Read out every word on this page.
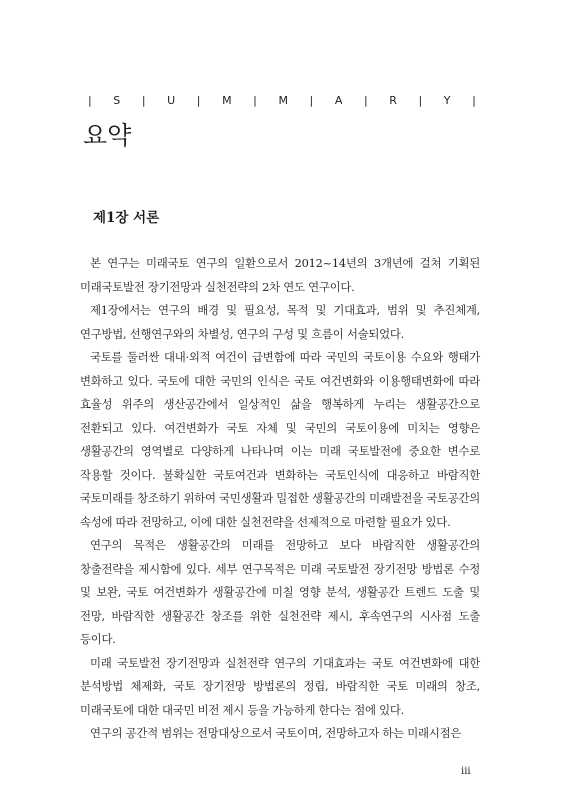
| S | U | M | M | A | R | Y |
요약
제1장 서론

본 연구는 미래국토 연구의 일환으로서 2012~14년의 3개년에 걸쳐 기획된 미래국토발전 장기전망과 실천전략의 2차 연도 연구이다.

제1장에서는 연구의 배경 및 필요성, 목적 및 기대효과, 범위 및 추진체계, 연구방법, 선행연구와의 차별성, 연구의 구성 및 흐름이 서술되었다.

국토를 둘러싼 대내·외적 여건이 급변함에 따라 국민의 국토이용 수요와 행태가 변화하고 있다. 국토에 대한 국민의 인식은 국토 여건변화와 이용행태변화에 따라 효율성 위주의 생산공간에서 일상적인 삶을 행복하게 누리는 생활공간으로 전환되고 있다. 여건변화가 국토 자체 및 국민의 국토이용에 미치는 영향은 생활공간의 영역별로 다양하게 나타나며 이는 미래 국토발전에 중요한 변수로 작용할 것이다. 불확실한 국토여건과 변화하는 국토인식에 대응하고 바람직한 국토미래를 창조하기 위하여 국민생활과 밀접한 생활공간의 미래발전을 국토공간의 속성에 따라 전망하고, 이에 대한 실천전략을 선제적으로 마련할 필요가 있다.

연구의 목적은 생활공간의 미래를 전망하고 보다 바람직한 생활공간의 창출전략을 제시함에 있다. 세부 연구목적은 미래 국토발전 장기전망 방법론 수정 및 보완, 국토 여건변화가 생활공간에 미칠 영향 분석, 생활공간 트렌드 도출 및 전망, 바람직한 생활공간 창조를 위한 실천전략 제시, 후속연구의 시사점 도출 등이다.

미래 국토발전 장기전망과 실천전략 연구의 기대효과는 국토 여건변화에 대한 분석방법 체제화, 국토 장기전망 방법론의 정립, 바람직한 국토 미래의 창조, 미래국토에 대한 대국민 비전 제시 등을 가능하게 한다는 점에 있다.

연구의 공간적 범위는 전망대상으로서 국토이며, 전망하고자 하는 미래시점은

iii
